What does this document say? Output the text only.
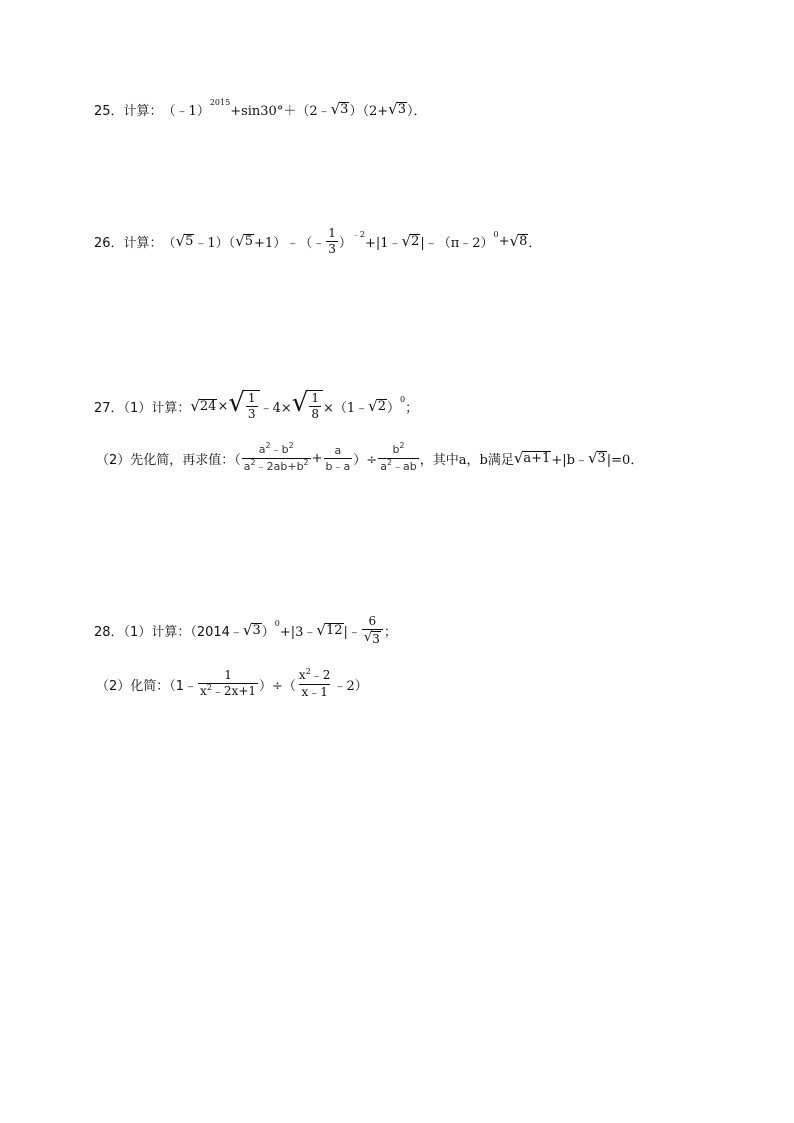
25．计算： （﹣1）
2015
+sin30°＋（2﹣ √ 3 ）（2+ √ 3 ）．
26．计算： （ √ 5 ﹣1）（ √ 5 +1）﹣（﹣ $\frac{1}{3}$ ）
﹣2
+|1﹣ √ 2 |﹣（π﹣2）
0 + √ 8 ．
27．（1）计算： √ 24 × √ $\frac{1}{3}$ ﹣4× √ $\frac{1}{8}$ ×（1﹣ √ 2 ）
0
；
（2）先化简，再求值：（ $\frac{a^2﹣b^2}{a^2﹣2ab+b^2} + \frac{a}{b﹣a}$ ）÷ $\frac{b^2}{a^2﹣ab}$ ，其中a，b满足 √ a+1 +|b﹣ √ 3 |=0．
28．（1）计算：（2014﹣ √ 3 ）
0
+|3﹣ √ 12 |﹣ $\frac{6}{√ 3}$ ；
（2）化简：（1﹣ $\frac{1}{x^2﹣2x+1}$ ）÷（ $\frac{x^2﹣2}{x﹣1}$ ﹣2）
